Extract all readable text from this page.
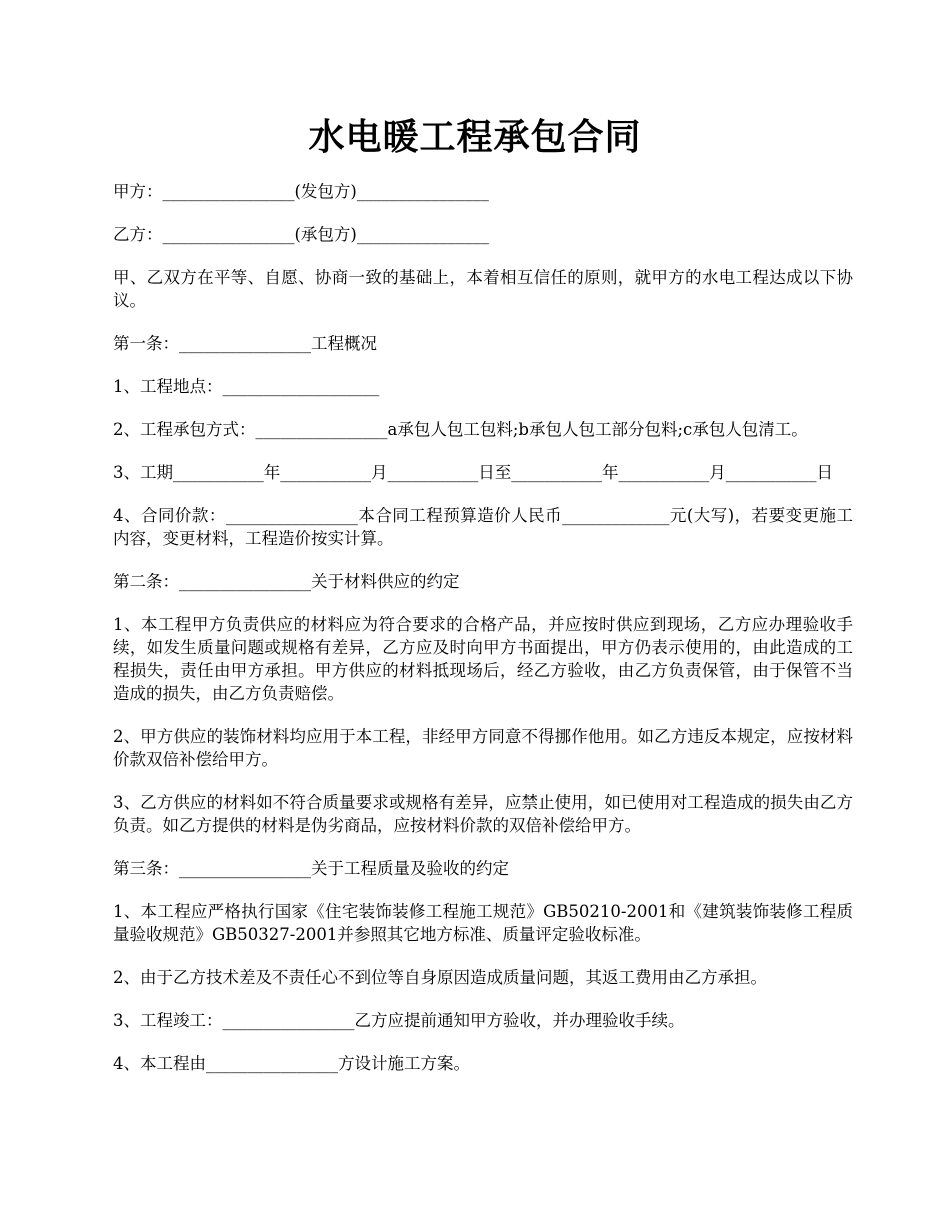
水电暖工程承包合同

甲方：________________(发包方)________________

乙方：________________(承包方)________________

甲、乙双方在平等、自愿、协商一致的基础上，本着相互信任的原则，就甲方的水电工程达成以下协议。

第一条：________________工程概况

1、工程地点：___________________

2、工程承包方式：________________a承包人包工包料;b承包人包工部分包料;c承包人包清工。

3、工期___________年___________月___________日至___________年___________月___________日

4、合同价款：________________本合同工程预算造价人民币_____________元(大写)，若要变更施工内容，变更材料，工程造价按实计算。

第二条：________________关于材料供应的约定

1、本工程甲方负责供应的材料应为符合要求的合格产品，并应按时供应到现场，乙方应办理验收手续，如发生质量问题或规格有差异，乙方应及时向甲方书面提出，甲方仍表示使用的，由此造成的工程损失，责任由甲方承担。甲方供应的材料抵现场后，经乙方验收，由乙方负责保管，由于保管不当造成的损失，由乙方负责赔偿。

2、甲方供应的装饰材料均应用于本工程，非经甲方同意不得挪作他用。如乙方违反本规定，应按材料价款双倍补偿给甲方。

3、乙方供应的材料如不符合质量要求或规格有差异，应禁止使用，如已使用对工程造成的损失由乙方负责。如乙方提供的材料是伪劣商品，应按材料价款的双倍补偿给甲方。

第三条：________________关于工程质量及验收的约定

1、本工程应严格执行国家《住宅装饰装修工程施工规范》GB50210-2001和《建筑装饰装修工程质量验收规范》GB50327-2001并参照其它地方标准、质量评定验收标准。

2、由于乙方技术差及不责任心不到位等自身原因造成质量问题，其返工费用由乙方承担。

3、工程竣工：________________乙方应提前通知甲方验收，并办理验收手续。

4、本工程由________________方设计施工方案。
